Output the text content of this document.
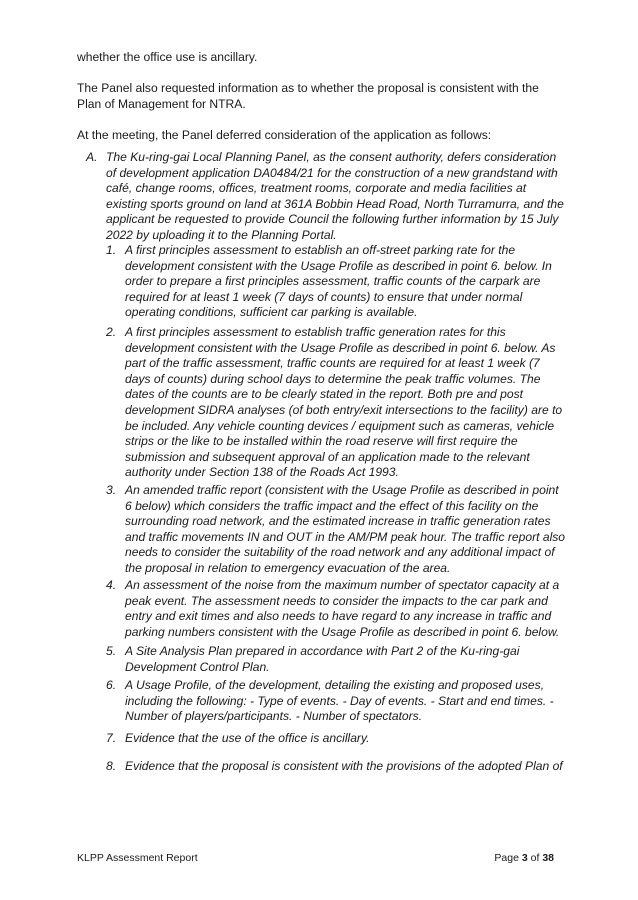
whether the office use is ancillary.

The Panel also requested information as to whether the proposal is consistent with the Plan of Management for NTRA.

At the meeting, the Panel deferred consideration of the application as follows:

A. The Ku-ring-gai Local Planning Panel, as the consent authority, defers consideration of development application DA0484/21 for the construction of a new grandstand with café, change rooms, offices, treatment rooms, corporate and media facilities at existing sports ground on land at 361A Bobbin Head Road, North Turramurra, and the applicant be requested to provide Council the following further information by 15 July 2022 by uploading it to the Planning Portal.

1. A first principles assessment to establish an off-street parking rate for the development consistent with the Usage Profile as described in point 6. below. In order to prepare a first principles assessment, traffic counts of the carpark are required for at least 1 week (7 days of counts) to ensure that under normal operating conditions, sufficient car parking is available.
2. A first principles assessment to establish traffic generation rates for this development consistent with the Usage Profile as described in point 6. below. As part of the traffic assessment, traffic counts are required for at least 1 week (7 days of counts) during school days to determine the peak traffic volumes. The dates of the counts are to be clearly stated in the report. Both pre and post development SIDRA analyses (of both entry/exit intersections to the facility) are to be included. Any vehicle counting devices / equipment such as cameras, vehicle strips or the like to be installed within the road reserve will first require the submission and subsequent approval of an application made to the relevant authority under Section 138 of the Roads Act 1993.
3. An amended traffic report (consistent with the Usage Profile as described in point 6 below) which considers the traffic impact and the effect of this facility on the surrounding road network, and the estimated increase in traffic generation rates and traffic movements IN and OUT in the AM/PM peak hour. The traffic report also needs to consider the suitability of the road network and any additional impact of the proposal in relation to emergency evacuation of the area.
4. An assessment of the noise from the maximum number of spectator capacity at a peak event. The assessment needs to consider the impacts to the car park and entry and exit times and also needs to have regard to any increase in traffic and parking numbers consistent with the Usage Profile as described in point 6. below.
5. A Site Analysis Plan prepared in accordance with Part 2 of the Ku-ring-gai Development Control Plan.
6. A Usage Profile, of the development, detailing the existing and proposed uses, including the following: - Type of events. - Day of events. - Start and end times. - Number of players/participants. - Number of spectators.
7. Evidence that the use of the office is ancillary.
8. Evidence that the proposal is consistent with the provisions of the adopted Plan of
KLPP Assessment Report	Page 3 of 38
